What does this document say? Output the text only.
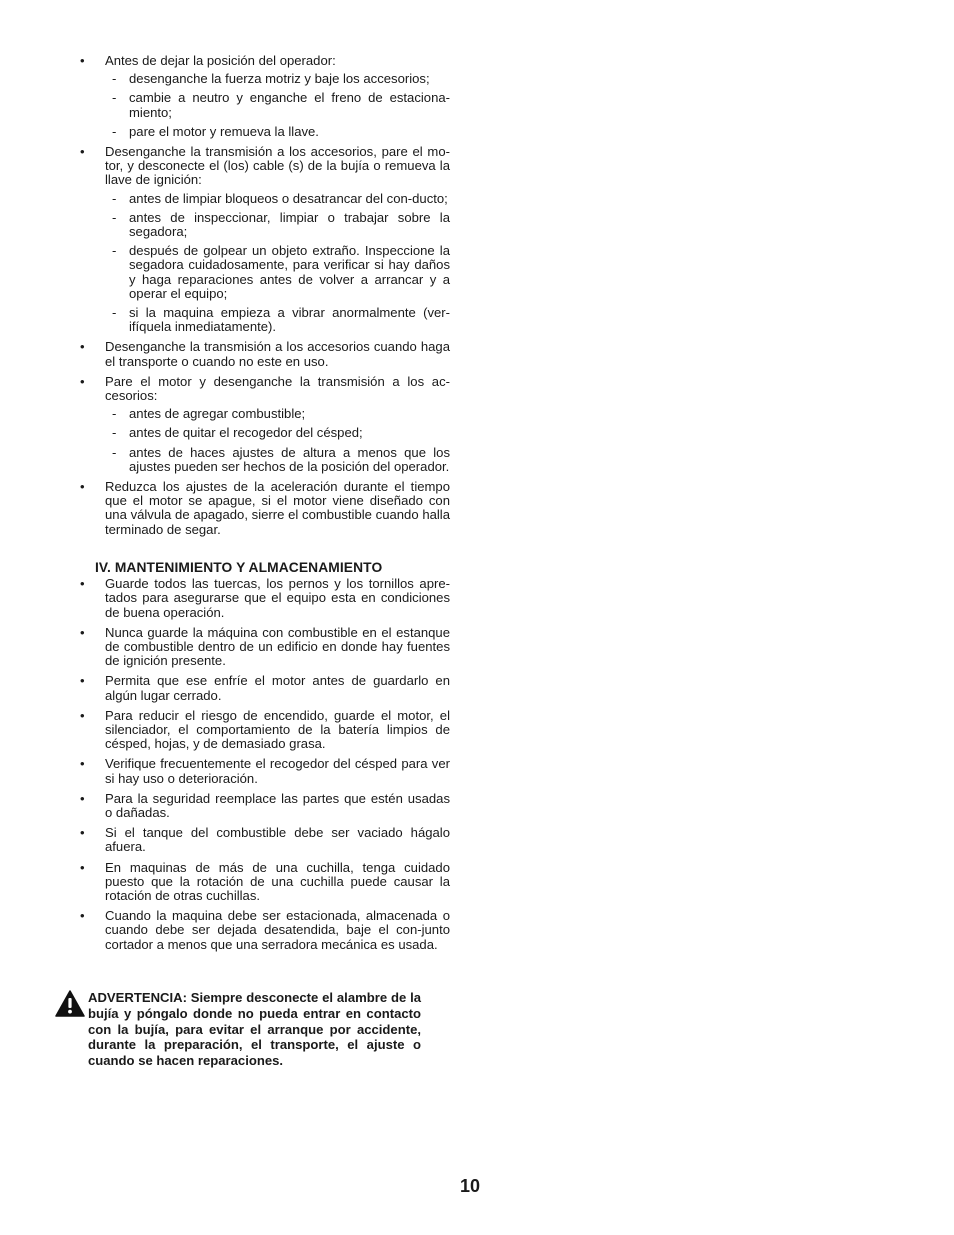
• Antes de dejar la posición del operador:
- desenganche la fuerza motriz y baje los accesorios;
- cambie a neutro y enganche el freno de estaciona-miento;
- pare el motor y remueva la llave.
• Desenganche la transmisión a los accesorios, pare el mo-tor, y desconecte el (los) cable (s) de la bujía o remueva la llave de ignición:
- antes de limpiar bloqueos o desatrancar del con-ducto;
- antes de inspeccionar, limpiar o trabajar sobre la segadora;
- después de golpear un objeto extraño. Inspeccione la segadora cuidadosamente, para verificar si hay daños y haga reparaciones antes de volver a arrancar y a operar el equipo;
- si la maquina empieza a vibrar anormalmente (ver-ifíquela inmediatamente).
• Desenganche la transmisión a los accesorios cuando haga el transporte o cuando no este en uso.
• Pare el motor y desenganche la transmisión a los ac-cesorios:
- antes de agregar combustible;
- antes de quitar el recogedor del césped;
- antes de haces ajustes de altura a menos que los ajustes pueden ser hechos de la posición del operador.
• Reduzca los ajustes de la aceleración durante el tiempo que el motor se apague, si el motor viene diseñado con una válvula de apagado, sierre el combustible cuando halla terminado de segar.
IV. MANTENIMIENTO Y ALMACENAMIENTO
• Guarde todos las tuercas, los pernos y los tornillos apre-tados para asegurarse que el equipo esta en condiciones de buena operación.
• Nunca guarde la máquina con combustible en el estanque de combustible dentro de un edificio en donde hay fuentes de ignición presente.
• Permita que ese enfríe el motor antes de guardarlo en algún lugar cerrado.
• Para reducir el riesgo de encendido, guarde el motor, el silenciador, el comportamiento de la batería limpios de césped, hojas, y de demasiado grasa.
• Verifique frecuentemente el recogedor del césped para ver si hay uso o deterioración.
• Para la seguridad reemplace las partes que estén usadas o dañadas.
• Si el tanque del combustible debe ser vaciado hágalo afuera.
• En maquinas de más de una cuchilla, tenga cuidado puesto que la rotación de una cuchilla puede causar la rotación de otras cuchillas.
• Cuando la maquina debe ser estacionada, almacenada o cuando debe ser dejada desatendida, baje el con-junto cortador a menos que una serradora mecánica es usada.
ADVERTENCIA: Siempre desconecte el alambre de la bujía y póngalo donde no pueda entrar en contacto con la bujía, para evitar el arranque por accidente, durante la preparación, el transporte, el ajuste o cuando se hacen reparaciones.
10
